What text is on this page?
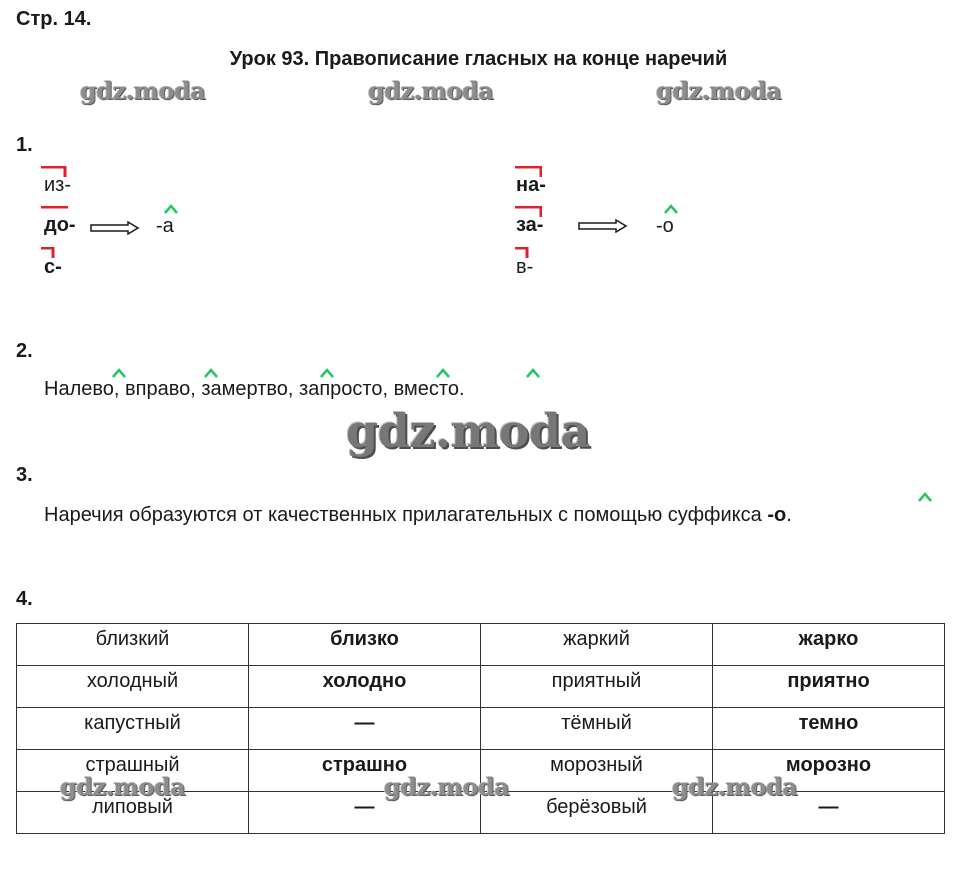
Стр. 14.
Урок 93. Правописание гласных на конце наречий
gdz.moda	gdz.moda	gdz.moda
1.
из-
до-	-а
с-
на-
за-	-о
в-
2.
Налево, вправо, замертво, запросто, вместо.
gdz.moda
3.
Наречия образуются от качественных прилагательных с помощью суффикса -о.
4.
близкий	близко	жаркий	жарко
холодный	холодно	приятный	приятно
капустный	—	тёмный	темно
страшный	страшно	морозный	морозно
липовый	—	берёзовый	—
gdz.moda	gdz.moda	gdz.moda
